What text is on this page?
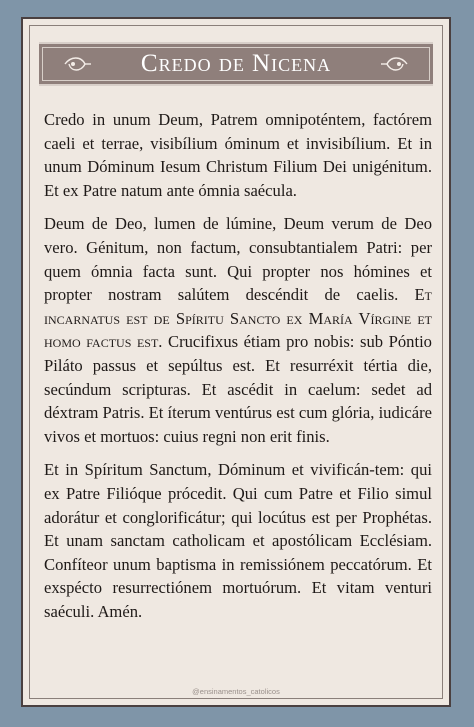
Credo de Nicena

Credo in unum Deum, Patrem omnipoténtem, factórem caeli et terrae, visibílium óminum et invisibílium. Et in unum Dóminum Iesum Christum Filium Dei unigénitum. Et ex Patre natum ante ómnia saécula.

Deum de Deo, lumen de lúmine, Deum verum de Deo vero. Génitum, non factum, consubtantialem Patri: per quem ómnia facta sunt. Qui propter nos hómines et propter nostram salútem descéndit de caelis. Et incarnatus est de Spíritu Sancto ex María Vírgine et homo factus est. Crucifixus étiam pro nobis: sub Póntio Piláto passus et sepúltus est. Et resurréxit tértia die, secúndum scripturas. Et ascédit in caelum: sedet ad déxtram Patris. Et íterum ventúrus est cum glória, iudicáre vivos et mortuos: cuius regni non erit finis.

Et in Spíritum Sanctum, Dóminum et vivificán-tem: qui ex Patre Filióque prócedit. Qui cum Patre et Filio simul adorátur et conglorificátur; qui locútus est per Prophétas. Et unam sanctam catholicam et apostólicam Ecclésiam. Confíteor unum baptisma in remissiónem peccatórum. Et exspécto resurrectiónem mortuórum. Et vitam venturi saéculi. Amén.

@ensinamentos_catolicos
